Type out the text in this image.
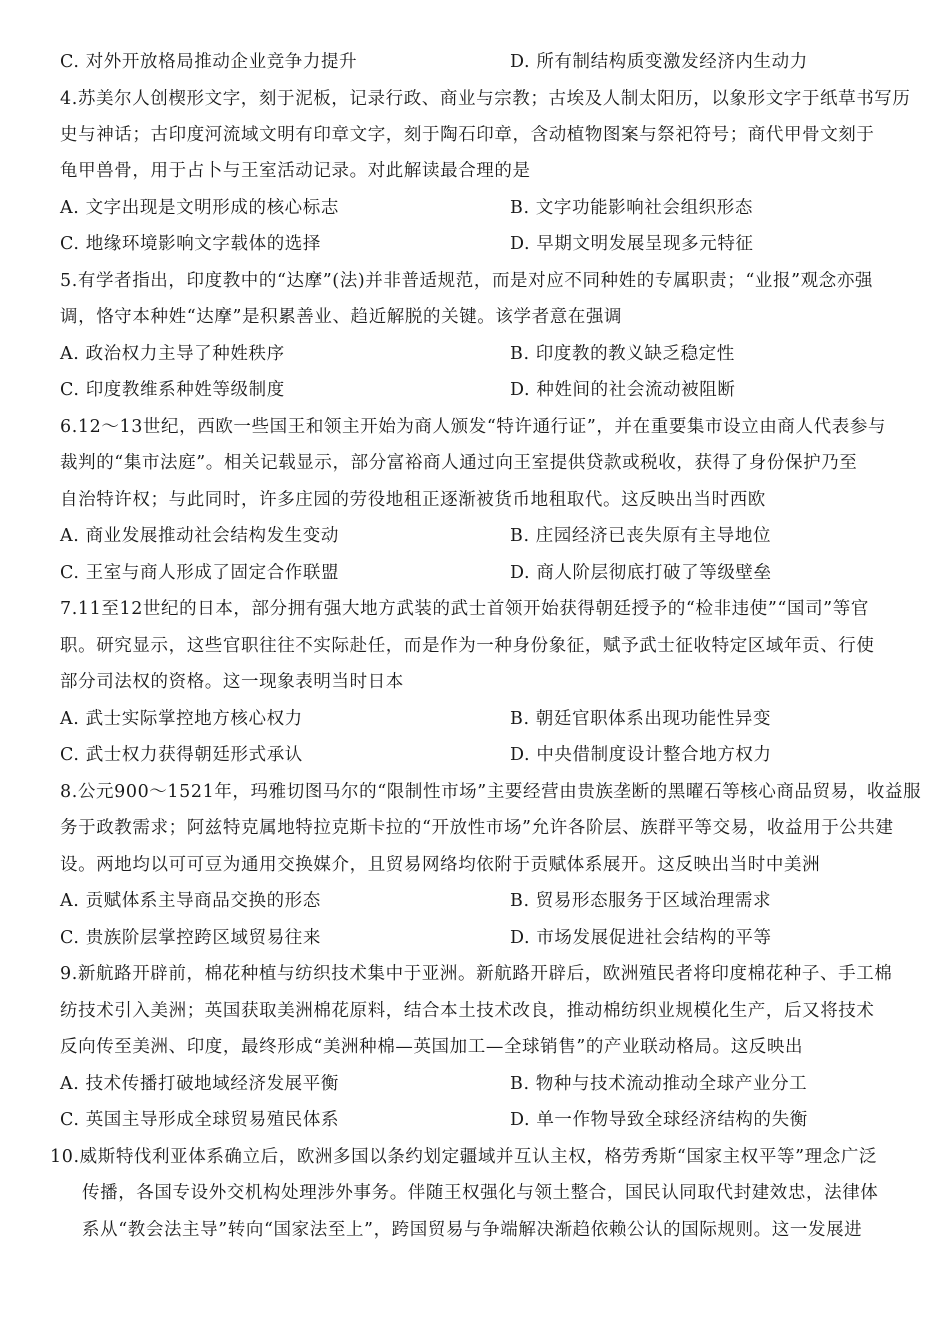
C. 对外开放格局推动企业竞争力提升	D. 所有制结构质变激发经济内生动力
4.苏美尔人创楔形文字，刻于泥板，记录行政、商业与宗教；古埃及人制太阳历，以象形文字于纸草书写历
史与神话；古印度河流域文明有印章文字，刻于陶石印章，含动植物图案与祭祀符号；商代甲骨文刻于
龟甲兽骨，用于占卜与王室活动记录。对此解读最合理的是
A. 文字出现是文明形成的核心标志	B. 文字功能影响社会组织形态
C. 地缘环境影响文字载体的选择	D. 早期文明发展呈现多元特征
5.有学者指出，印度教中的“达摩”(法)并非普适规范，而是对应不同种姓的专属职责；“业报”观念亦强
调，恪守本种姓“达摩”是积累善业、趋近解脱的关键。该学者意在强调
A. 政治权力主导了种姓秩序	B. 印度教的教义缺乏稳定性
C. 印度教维系种姓等级制度	D. 种姓间的社会流动被阻断
6.12～13世纪，西欧一些国王和领主开始为商人颁发“特许通行证”，并在重要集市设立由商人代表参与
裁判的“集市法庭”。相关记载显示，部分富裕商人通过向王室提供贷款或税收，获得了身份保护乃至
自治特许权；与此同时，许多庄园的劳役地租正逐渐被货币地租取代。这反映出当时西欧
A. 商业发展推动社会结构发生变动	B. 庄园经济已丧失原有主导地位
C. 王室与商人形成了固定合作联盟	D. 商人阶层彻底打破了等级壁垒
7.11至12世纪的日本，部分拥有强大地方武装的武士首领开始获得朝廷授予的“检非违使”“国司”等官
职。研究显示，这些官职往往不实际赴任，而是作为一种身份象征，赋予武士征收特定区域年贡、行使
部分司法权的资格。这一现象表明当时日本
A. 武士实际掌控地方核心权力	B. 朝廷官职体系出现功能性异变
C. 武士权力获得朝廷形式承认	D. 中央借制度设计整合地方权力
8.公元900～1521年，玛雅切图马尔的“限制性市场”主要经营由贵族垄断的黑曜石等核心商品贸易，收益服
务于政教需求；阿兹特克属地特拉克斯卡拉的“开放性市场”允许各阶层、族群平等交易，收益用于公共建
设。两地均以可可豆为通用交换媒介，且贸易网络均依附于贡赋体系展开。这反映出当时中美洲
A. 贡赋体系主导商品交换的形态	B. 贸易形态服务于区域治理需求
C. 贵族阶层掌控跨区域贸易往来	D. 市场发展促进社会结构的平等
9.新航路开辟前，棉花种植与纺织技术集中于亚洲。新航路开辟后，欧洲殖民者将印度棉花种子、手工棉
纺技术引入美洲；英国获取美洲棉花原料，结合本土技术改良，推动棉纺织业规模化生产，后又将技术
反向传至美洲、印度，最终形成“美洲种棉—英国加工—全球销售”的产业联动格局。这反映出
A. 技术传播打破地域经济发展平衡	B. 物种与技术流动推动全球产业分工
C. 英国主导形成全球贸易殖民体系	D. 单一作物导致全球经济结构的失衡
10.威斯特伐利亚体系确立后，欧洲多国以条约划定疆域并互认主权，格劳秀斯“国家主权平等”理念广泛
传播，各国专设外交机构处理涉外事务。伴随王权强化与领土整合，国民认同取代封建效忠，法律体
系从“教会法主导”转向“国家法至上”，跨国贸易与争端解决渐趋依赖公认的国际规则。这一发展进
